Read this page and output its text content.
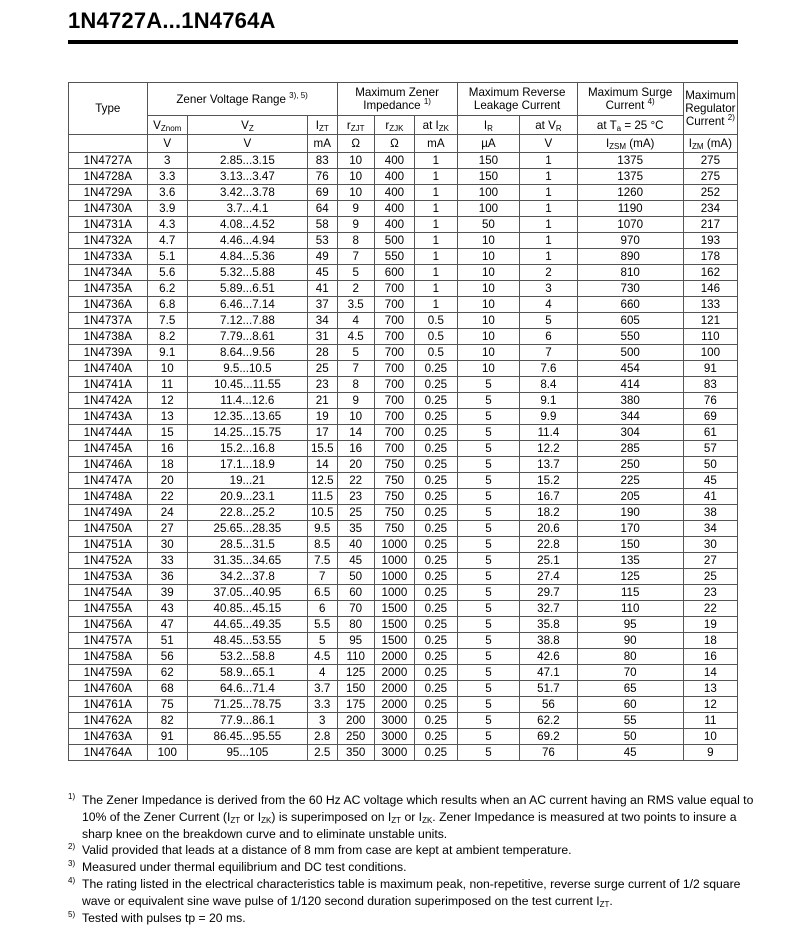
1N4727A...1N4764A
Type	Zener Voltage Range $^{3), 5)}$			Maximum Zener Impedance $^{1)}$			Maximum Reverse Leakage Current		Maximum Surge Current $^{4)}$	Maximum Regulator Current $^{2)}$
	$V_{Znom}$	$V_Z$	$I_{ZT}$	$r_{ZJT}$	$r_{ZJK}$	at $I_{ZK}$	$I_R$	at $V_R$	at $T_a = 25$ °C	
	V	V	mA	Ω	Ω	mA	µA	V	$I_{ZSM}$ (mA)	$I_{ZM}$ (mA)
1N4727A	3	2.85...3.15	83	10	400	1	150	1	1375	275
1N4728A	3.3	3.13...3.47	76	10	400	1	150	1	1375	275
1N4729A	3.6	3.42...3.78	69	10	400	1	100	1	1260	252
1N4730A	3.9	3.7...4.1	64	9	400	1	100	1	1190	234
1N4731A	4.3	4.08...4.52	58	9	400	1	50	1	1070	217
1N4732A	4.7	4.46...4.94	53	8	500	1	10	1	970	193
1N4733A	5.1	4.84...5.36	49	7	550	1	10	1	890	178
1N4734A	5.6	5.32...5.88	45	5	600	1	10	2	810	162
1N4735A	6.2	5.89...6.51	41	2	700	1	10	3	730	146
1N4736A	6.8	6.46...7.14	37	3.5	700	1	10	4	660	133
1N4737A	7.5	7.12...7.88	34	4	700	0.5	10	5	605	121
1N4738A	8.2	7.79...8.61	31	4.5	700	0.5	10	6	550	110
1N4739A	9.1	8.64...9.56	28	5	700	0.5	10	7	500	100
1N4740A	10	9.5...10.5	25	7	700	0.25	10	7.6	454	91
1N4741A	11	10.45...11.55	23	8	700	0.25	5	8.4	414	83
1N4742A	12	11.4...12.6	21	9	700	0.25	5	9.1	380	76
1N4743A	13	12.35...13.65	19	10	700	0.25	5	9.9	344	69
1N4744A	15	14.25...15.75	17	14	700	0.25	5	11.4	304	61
1N4745A	16	15.2...16.8	15.5	16	700	0.25	5	12.2	285	57
1N4746A	18	17.1...18.9	14	20	750	0.25	5	13.7	250	50
1N4747A	20	19...21	12.5	22	750	0.25	5	15.2	225	45
1N4748A	22	20.9...23.1	11.5	23	750	0.25	5	16.7	205	41
1N4749A	24	22.8...25.2	10.5	25	750	0.25	5	18.2	190	38
1N4750A	27	25.65...28.35	9.5	35	750	0.25	5	20.6	170	34
1N4751A	30	28.5...31.5	8.5	40	1000	0.25	5	22.8	150	30
1N4752A	33	31.35...34.65	7.5	45	1000	0.25	5	25.1	135	27
1N4753A	36	34.2...37.8	7	50	1000	0.25	5	27.4	125	25
1N4754A	39	37.05...40.95	6.5	60	1000	0.25	5	29.7	115	23
1N4755A	43	40.85...45.15	6	70	1500	0.25	5	32.7	110	22
1N4756A	47	44.65...49.35	5.5	80	1500	0.25	5	35.8	95	19
1N4757A	51	48.45...53.55	5	95	1500	0.25	5	38.8	90	18
1N4758A	56	53.2...58.8	4.5	110	2000	0.25	5	42.6	80	16
1N4759A	62	58.9...65.1	4	125	2000	0.25	5	47.1	70	14
1N4760A	68	64.6...71.4	3.7	150	2000	0.25	5	51.7	65	13
1N4761A	75	71.25...78.75	3.3	175	2000	0.25	5	56	60	12
1N4762A	82	77.9...86.1	3	200	3000	0.25	5	62.2	55	11
1N4763A	91	86.45...95.55	2.8	250	3000	0.25	5	69.2	50	10
1N4764A	100	95...105	2.5	350	3000	0.25	5	76	45	9
1) The Zener Impedance is derived from the 60 Hz AC voltage which results when an AC current having an RMS value equal to 10% of the Zener Current ($I_{ZT}$ or $I_{ZK}$) is superimposed on $I_{ZT}$ or $I_{ZK}$. Zener Impedance is measured at two points to insure a sharp knee on the breakdown curve and to eliminate unstable units.
2) Valid provided that leads at a distance of 8 mm from case are kept at ambient temperature.
3) Measured under thermal equilibrium and DC test conditions.
4) The rating listed in the electrical characteristics table is maximum peak, non-repetitive, reverse surge current of 1/2 square wave or equivalent sine wave pulse of 1/120 second duration superimposed on the test current $I_{ZT}$.
5) Tested with pulses tp = 20 ms.
